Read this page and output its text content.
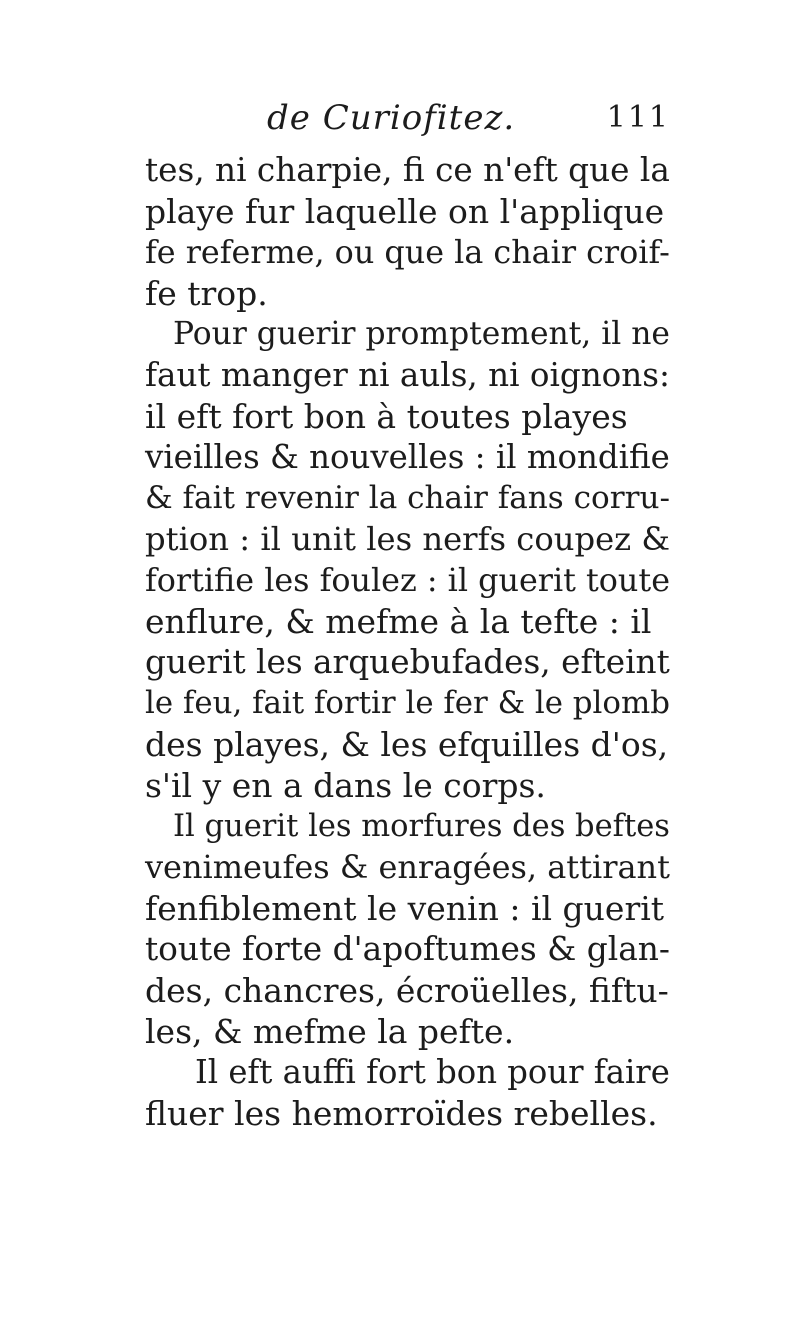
de Curiofitez.	111
tes, ni charpie, fi ce n'eft que la
playe fur laquelle on l'applique
fe referme, ou que la chair croif-
fe trop.
Pour guerir promptement, il ne
faut manger ni auls, ni oignons:
il eft fort bon à toutes playes
vieilles & nouvelles : il mondifie
& fait revenir la chair fans corru-
ption : il unit les nerfs coupez &
fortifie les foulez : il guerit toute
enflure, & mefme à la tefte : il
guerit les arquebufades, efteint
le feu, fait fortir le fer & le plomb
des playes, & les efquilles d'os,
s'il y en a dans le corps.
Il guerit les morfures des beftes
venimeufes & enragées, attirant
fenfiblement le venin : il guerit
toute forte d'apoftumes & glan-
des, chancres, écroüelles, fiftu-
les, & mefme la pefte.
Il eft auffi fort bon pour faire
fluer les hemorroïdes rebelles.
